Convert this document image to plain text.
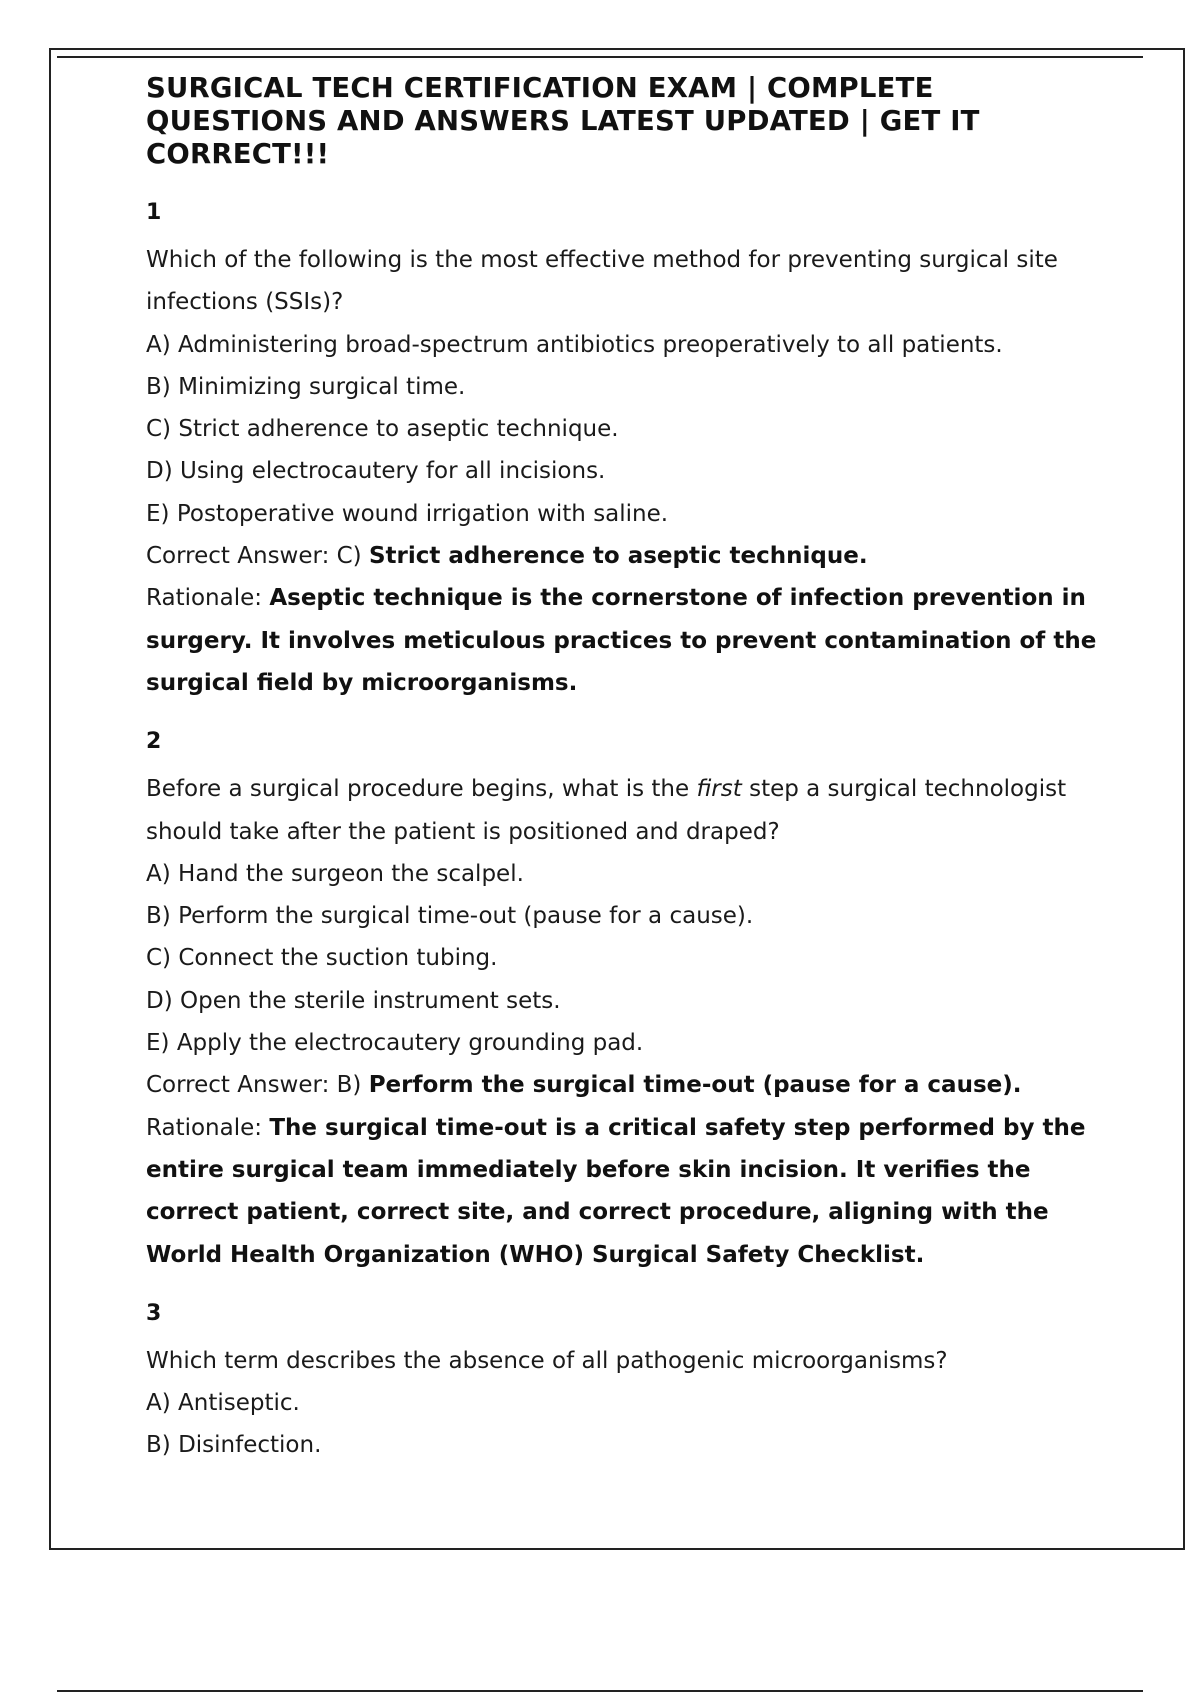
SURGICAL TECH CERTIFICATION EXAM | COMPLETE QUESTIONS AND ANSWERS LATEST UPDATED | GET IT CORRECT!!!
1

Which of the following is the most effective method for preventing surgical site infections (SSIs)?

A) Administering broad-spectrum antibiotics preoperatively to all patients.

B) Minimizing surgical time.

C) Strict adherence to aseptic technique.

D) Using electrocautery for all incisions.

E) Postoperative wound irrigation with saline.

Correct Answer: C) Strict adherence to aseptic technique.

Rationale: Aseptic technique is the cornerstone of infection prevention in surgery. It involves meticulous practices to prevent contamination of the surgical field by microorganisms.

2

Before a surgical procedure begins, what is the first step a surgical technologist should take after the patient is positioned and draped?

A) Hand the surgeon the scalpel.

B) Perform the surgical time-out (pause for a cause).

C) Connect the suction tubing.

D) Open the sterile instrument sets.

E) Apply the electrocautery grounding pad.

Correct Answer: B) Perform the surgical time-out (pause for a cause).

Rationale: The surgical time-out is a critical safety step performed by the entire surgical team immediately before skin incision. It verifies the correct patient, correct site, and correct procedure, aligning with the World Health Organization (WHO) Surgical Safety Checklist.

3

Which term describes the absence of all pathogenic microorganisms?

A) Antiseptic.

B) Disinfection.
